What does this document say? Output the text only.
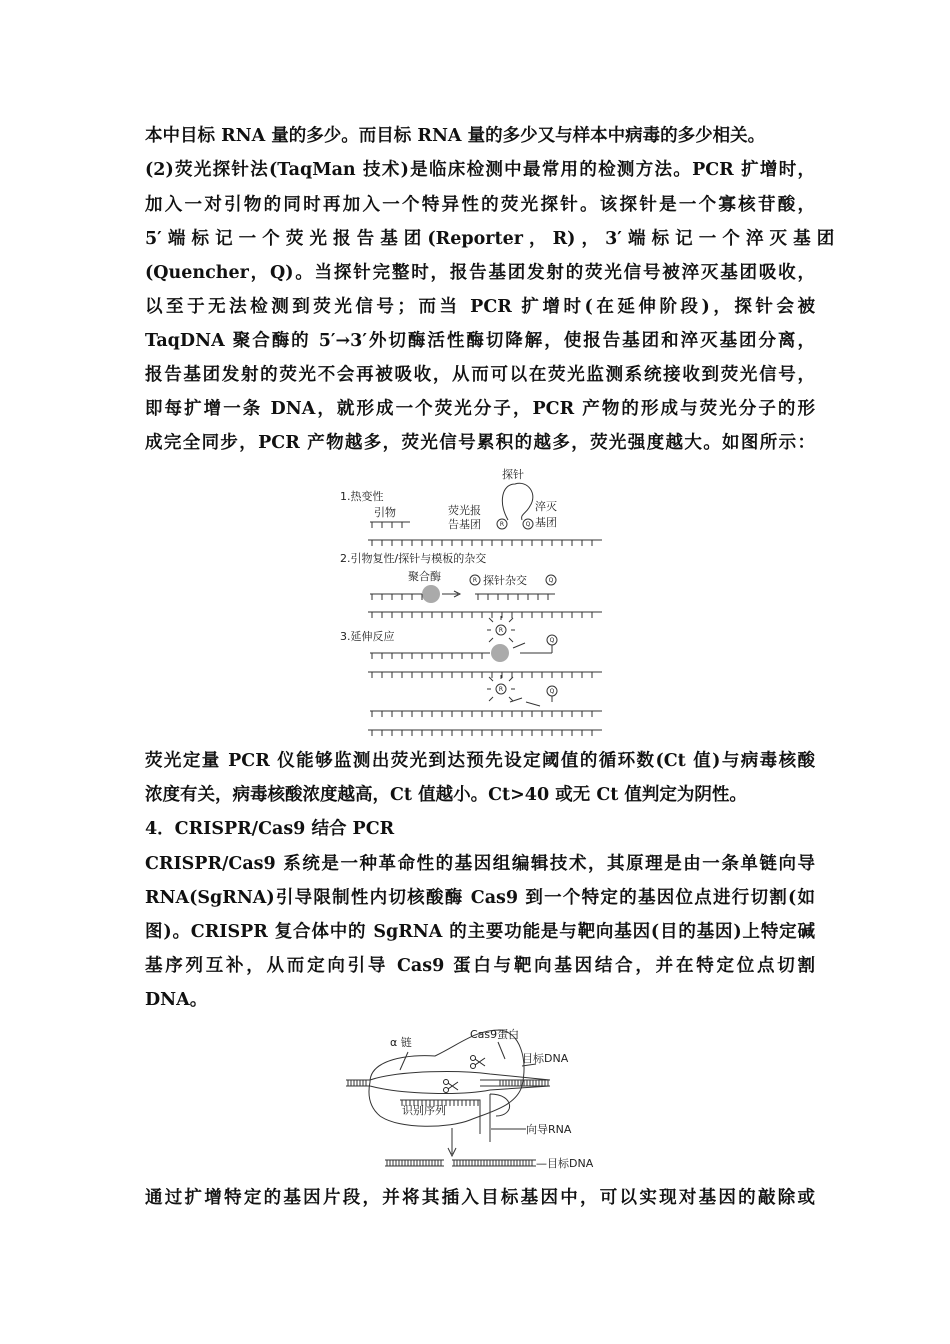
本中目标 RNA 量的多少。而目标 RNA 量的多少又与样本中病毒的多少相关。
(2)荧光探针法(TaqMan 技术)是临床检测中最常用的检测方法。PCR 扩增时，
加入一对引物的同时再加入一个特异性的荧光探针。该探针是一个寡核苷酸，
5′ 端 标 记 一 个 荧 光 报 告 基 团 (Reporter ， R) ， 3′ 端 标 记 一 个 淬 灭 基 团
(Quencher，Q)。当探针完整时，报告基团发射的荧光信号被淬灭基团吸收，
以至于无法检测到荧光信号；而当 PCR 扩增时(在延伸阶段)，探针会被
TaqDNA 聚合酶的 5′→3′外切酶活性酶切降解，使报告基团和淬灭基团分离，
报告基团发射的荧光不会再被吸收，从而可以在荧光监测系统接收到荧光信号，
即每扩增一条 DNA，就形成一个荧光分子，PCR 产物的形成与荧光分子的形
成完全同步，PCR 产物越多，荧光信号累积的越多，荧光强度越大。如图所示：
1.热变性
引物
探针
荧光报
告基团
淬灭
基团
2.引物复性/探针与模板的杂交
聚合酶	探针杂交
3.延伸反应
R	Q
R	Q
R
Q
R	Q
荧光定量 PCR 仪能够监测出荧光到达预先设定阈值的循环数(Ct 值)与病毒核酸
浓度有关，病毒核酸浓度越高，Ct 值越小。Ct>40 或无 Ct 值判定为阴性。
4．CRISPR/Cas9 结合 PCR
CRISPR/Cas9 系统是一种革命性的基因组编辑技术，其原理是由一条单链向导
RNA(SgRNA)引导限制性内切核酸酶 Cas9 到一个特定的基因位点进行切割(如
图)。CRISPR 复合体中的 SgRNA 的主要功能是与靶向基因(目的基因)上特定碱
基序列互补，从而定向引导 Cas9 蛋白与靶向基因结合，并在特定位点切割
DNA。
α 链
Cas9蛋白
目标DNA
识别序列
向导RNA
—目标DNA
通过扩增特定的基因片段，并将其插入目标基因中，可以实现对基因的敲除或
